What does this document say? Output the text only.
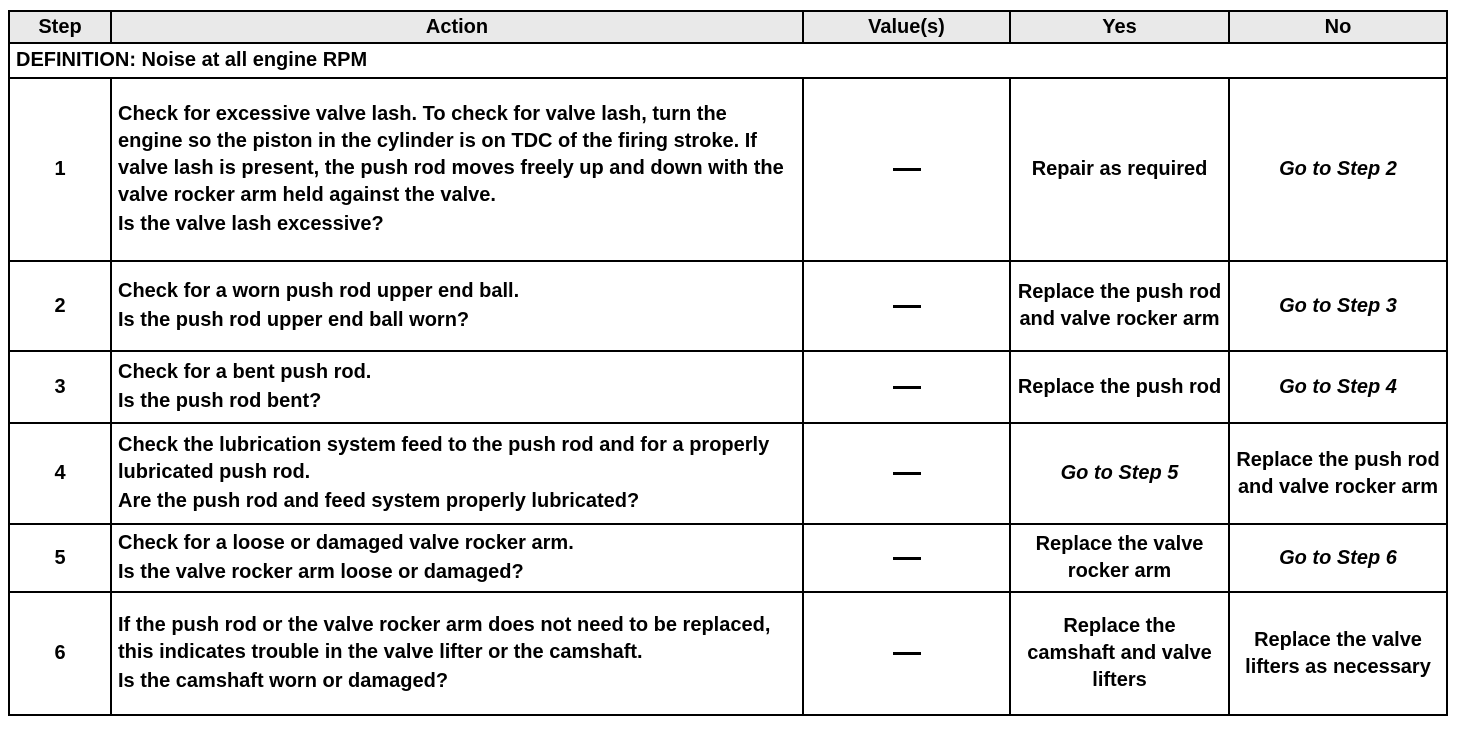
Step	Action	Value(s)	Yes	No
DEFINITION: Noise at all engine RPM				
1	Check for excessive valve lash. To check for valve lash, turn the engine so the piston in the cylinder is on TDC of the firing stroke. If valve lash is present, the push rod moves freely up and down with the valve rocker arm held against the valve.

Is the valve lash excessive?		Repair as required	Go to Step 2
2	Check for a worn push rod upper end ball.

Is the push rod upper end ball worn?		Replace the push rod and valve rocker arm	Go to Step 3
3	Check for a bent push rod.

Is the push rod bent?		Replace the push rod	Go to Step 4
4	Check the lubrication system feed to the push rod and for a properly lubricated push rod.

Are the push rod and feed system properly lubricated?		Go to Step 5	Replace the push rod and valve rocker arm
5	Check for a loose or damaged valve rocker arm.

Is the valve rocker arm loose or damaged?		Replace the valve rocker arm	Go to Step 6
6	If the push rod or the valve rocker arm does not need to be replaced, this indicates trouble in the valve lifter or the camshaft.

Is the camshaft worn or damaged?		Replace the camshaft and valve lifters	Replace the valve lifters as necessary
